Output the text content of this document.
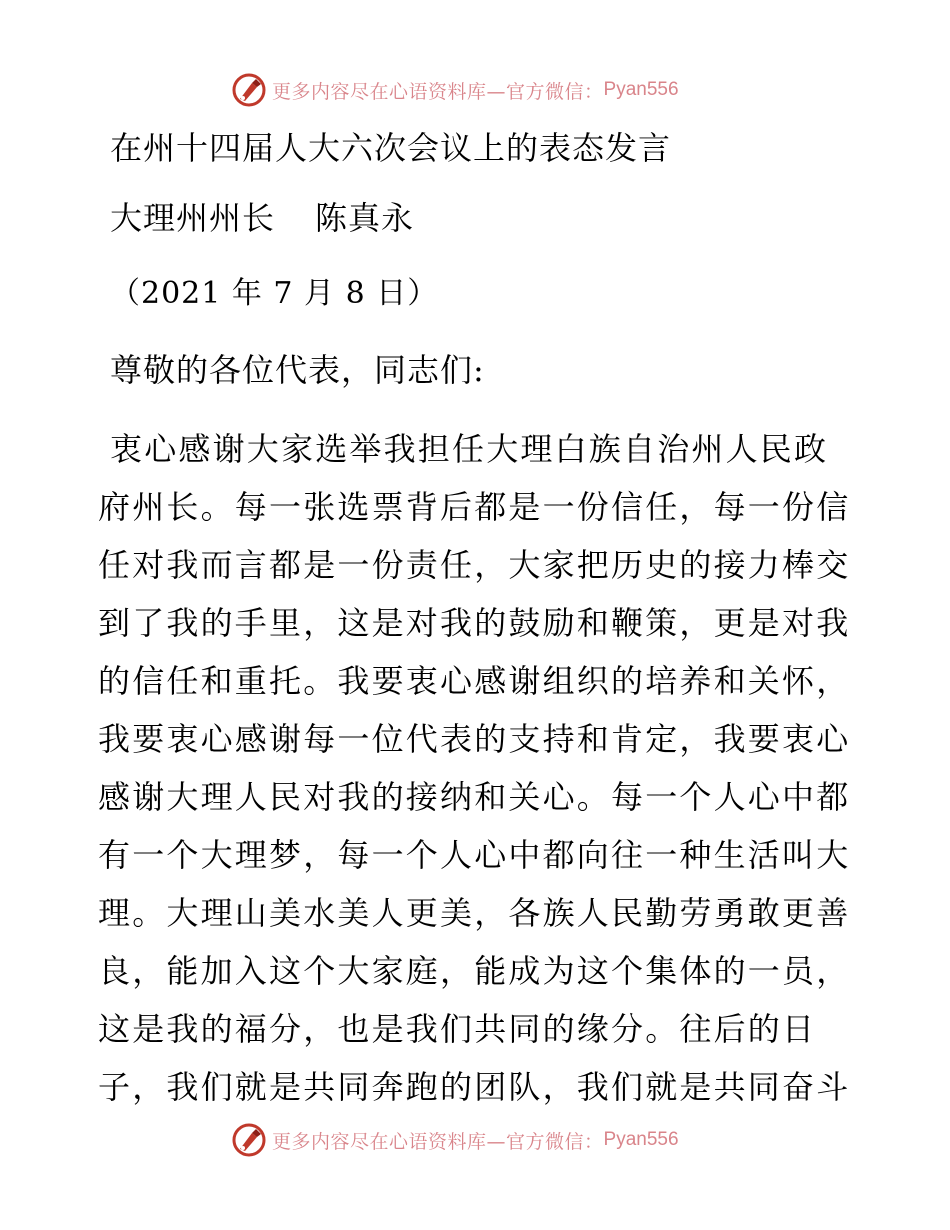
更多内容尽在心语资料库—官方微信： Pyan556
在州十四届人大六次会议上的表态发言
大理州州长 陈真永
（2021 年 7 月 8 日）
尊敬的各位代表，同志们:
衷心感谢大家选举我担任大理白族自治州人民政
府州长。每一张选票背后都是一份信任，每一份信
任对我而言都是一份责任，大家把历史的接力棒交
到了我的手里，这是对我的鼓励和鞭策，更是对我
的信任和重托。我要衷心感谢组织的培养和关怀，
我要衷心感谢每一位代表的支持和肯定，我要衷心
感谢大理人民对我的接纳和关心。每一个人心中都
有一个大理梦，每一个人心中都向往一种生活叫大
理。大理山美水美人更美，各族人民勤劳勇敢更善
良，能加入这个大家庭，能成为这个集体的一员，
这是我的福分，也是我们共同的缘分。往后的日
子，我们就是共同奔跑的团队，我们就是共同奋斗
更多内容尽在心语资料库—官方微信： Pyan556
